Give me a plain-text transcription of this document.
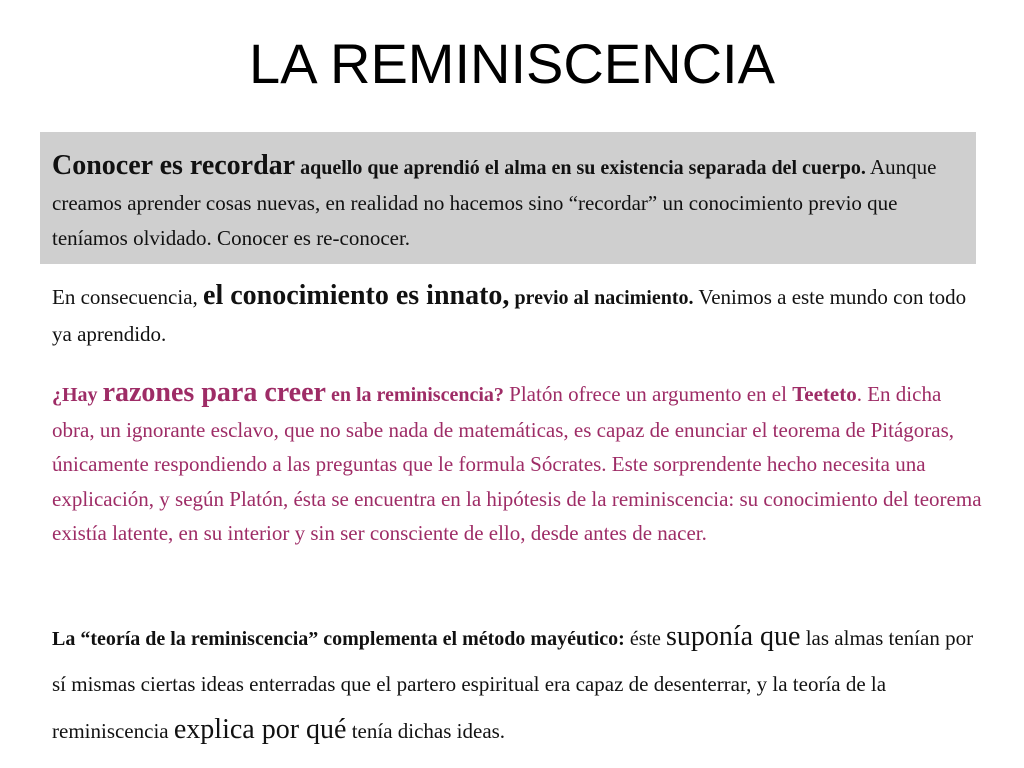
LA REMINISCENCIA
Conocer es recordar aquello que aprendió el alma en su existencia separada del cuerpo. Aunque creamos aprender cosas nuevas, en realidad no hacemos sino “recordar” un conocimiento previo que teníamos olvidado. Conocer es re-conocer.

En consecuencia, el conocimiento es innato, previo al nacimiento. Venimos a este mundo con todo ya aprendido.

¿Hay razones para creer en la reminiscencia? Platón ofrece un argumento en el Teeteto. En dicha obra, un ignorante esclavo, que no sabe nada de matemáticas, es capaz de enunciar el teorema de Pitágoras, únicamente respondiendo a las preguntas que le formula Sócrates. Este sorprendente hecho necesita una explicación, y según Platón, ésta se encuentra en la hipótesis de la reminiscencia: su conocimiento del teorema existía latente, en su interior y sin ser consciente de ello, desde antes de nacer.

La “teoría de la reminiscencia” complementa el método mayéutico: éste suponía que las almas tenían por sí mismas ciertas ideas enterradas que el partero espiritual era capaz de desenterrar, y la teoría de la reminiscencia explica por qué tenía dichas ideas.
